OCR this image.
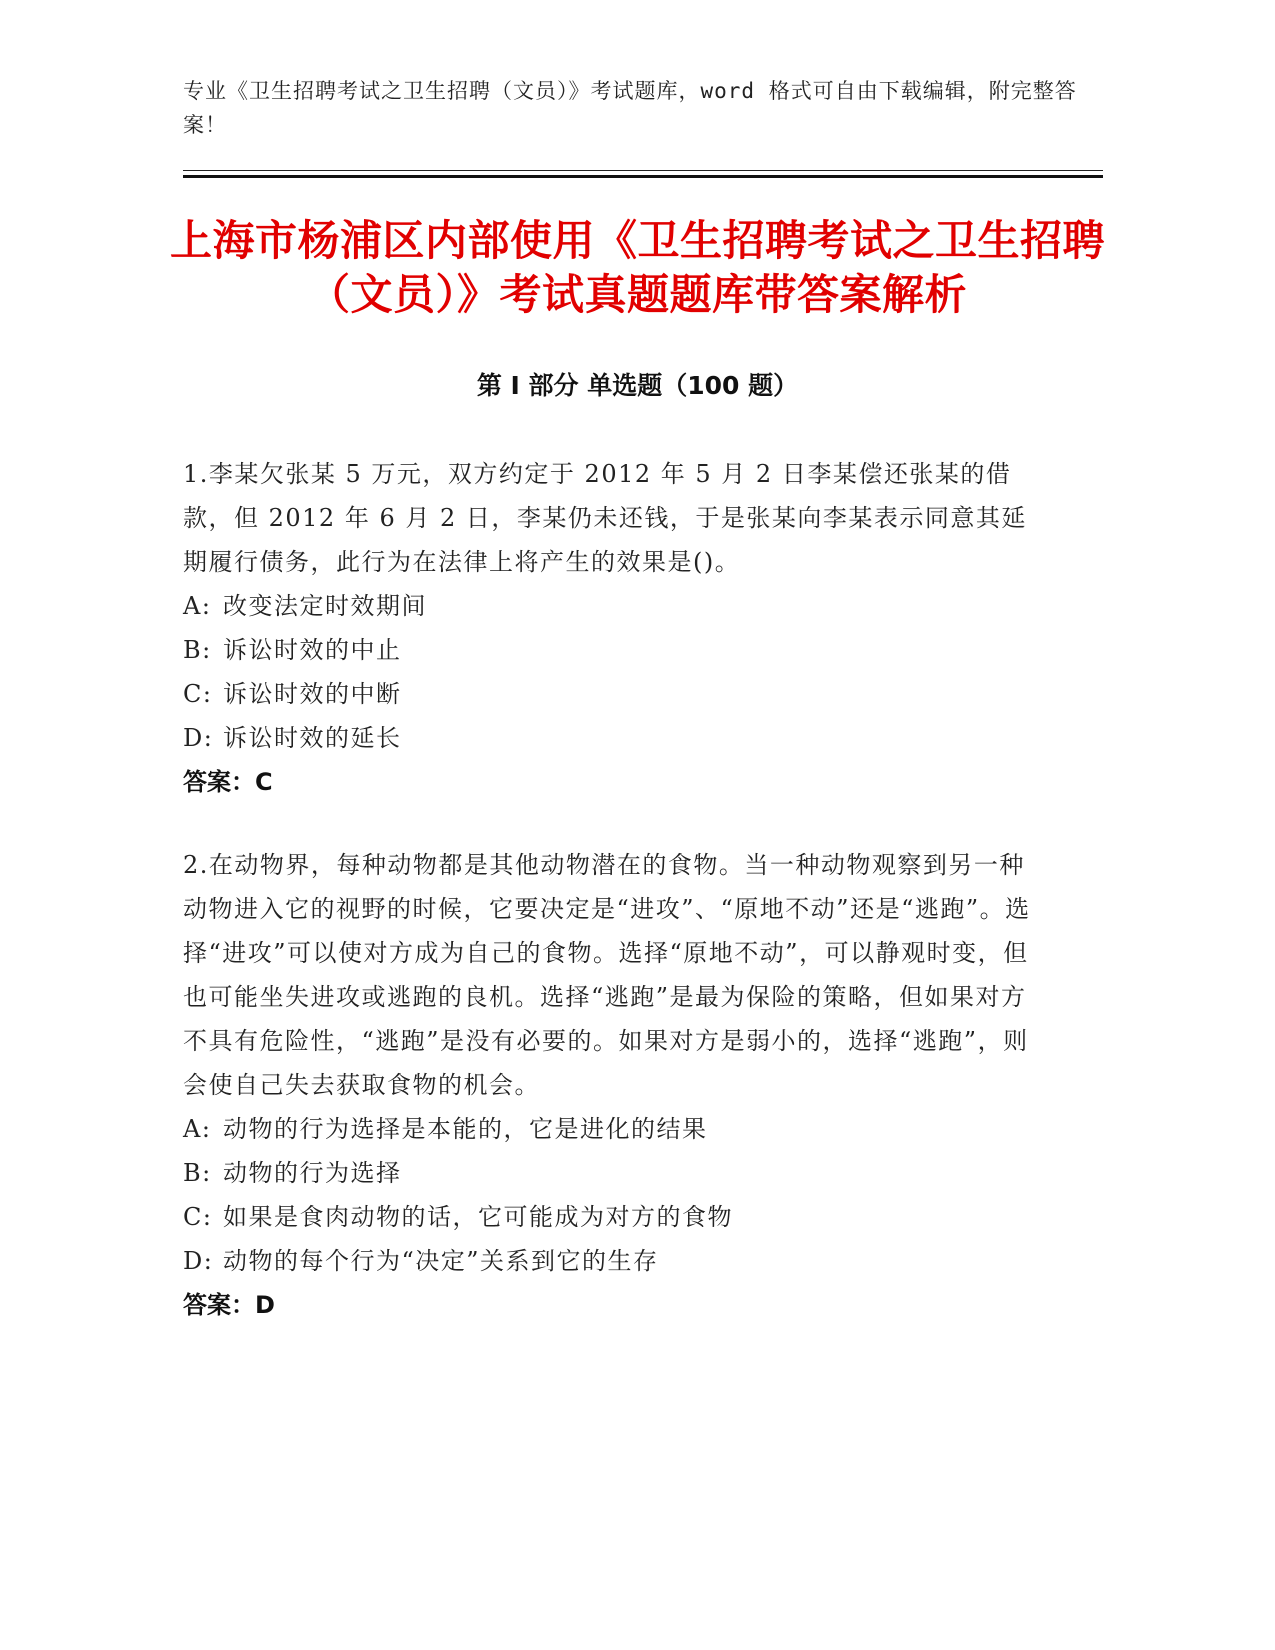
专业《卫生招聘考试之卫生招聘（文员）》考试题库，word 格式可自由下载编辑，附完整答案！
上海市杨浦区内部使用《卫生招聘考试之卫生招聘（文员）》考试真题题库带答案解析
第 I 部分 单选题（100 题）
1.李某欠张某 5 万元，双方约定于 2012 年 5 月 2 日李某偿还张某的借款，但 2012 年 6 月 2 日，李某仍未还钱，于是张某向李某表示同意其延期履行债务，此行为在法律上将产生的效果是()。
A: 改变法定时效期间
B: 诉讼时效的中止
C: 诉讼时效的中断
D: 诉讼时效的延长
答案：C
2.在动物界，每种动物都是其他动物潜在的食物。当一种动物观察到另一种动物进入它的视野的时候，它要决定是“进攻”、“原地不动”还是“逃跑”。选择“进攻”可以使对方成为自己的食物。选择“原地不动”，可以静观时变，但也可能坐失进攻或逃跑的良机。选择“逃跑”是最为保险的策略，但如果对方不具有危险性，“逃跑”是没有必要的。如果对方是弱小的，选择“逃跑”，则会使自己失去获取食物的机会。
A: 动物的行为选择是本能的，它是进化的结果
B: 动物的行为选择
C: 如果是食肉动物的话，它可能成为对方的食物
D: 动物的每个行为“决定”关系到它的生存
答案：D
